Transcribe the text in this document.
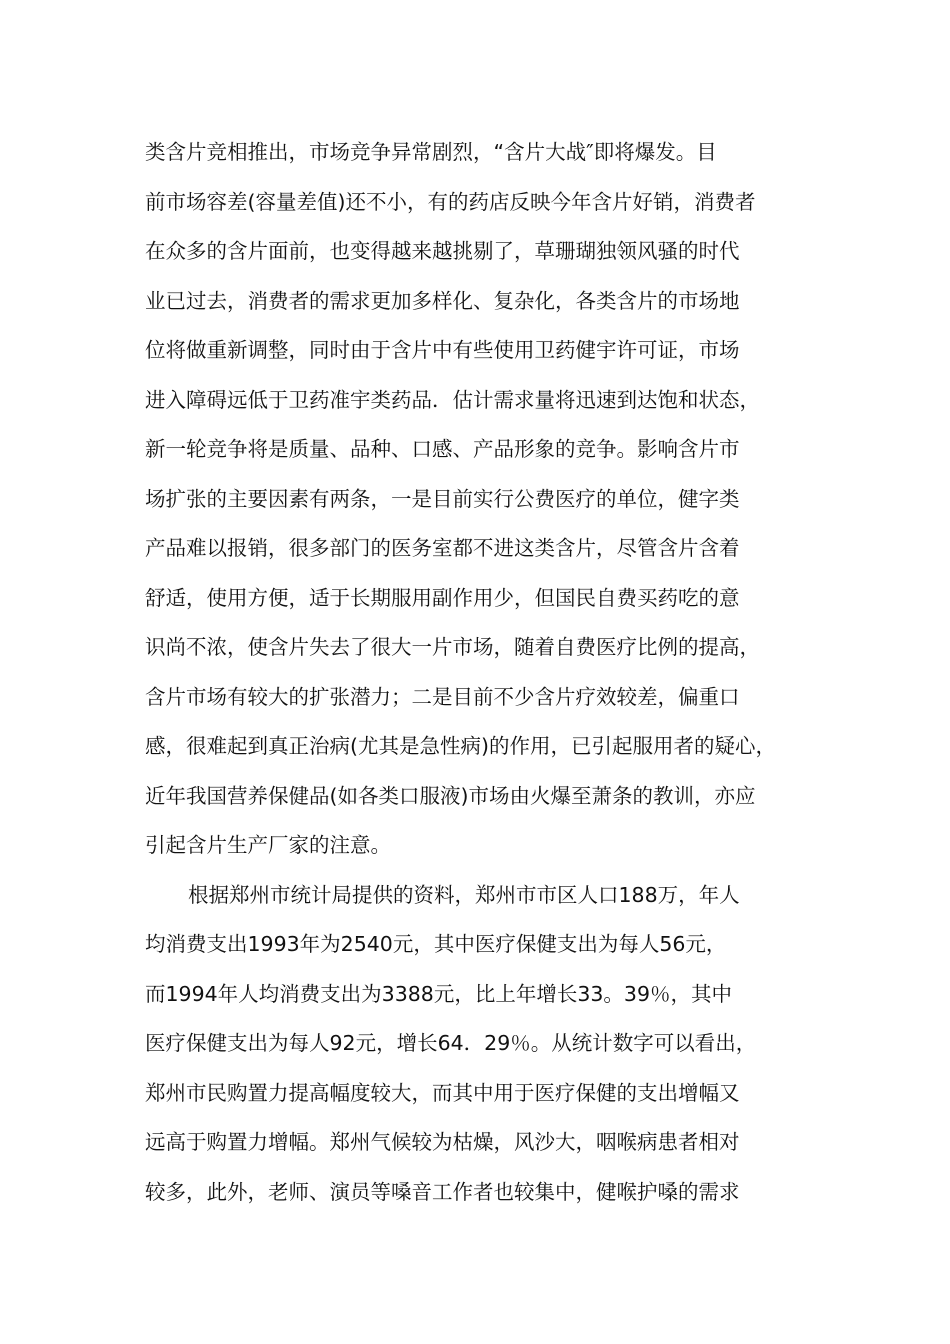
类含片竞相推出，市场竞争异常剧烈，“含片大战″即将爆发。目
前市场容差(容量差值)还不小，有的药店反映今年含片好销，消费者
在众多的含片面前，也变得越来越挑剔了，草珊瑚独领风骚的时代
业已过去，消费者的需求更加多样化、复杂化，各类含片的市场地
位将做重新调整，同时由于含片中有些使用卫药健宇许可证，市场
进入障碍远低于卫药准宇类药品．估计需求量将迅速到达饱和状态，
新一轮竞争将是质量、品种、口感、产品形象的竞争。影响含片市
场扩张的主要因素有两条，一是目前实行公费医疗的单位，健字类
产品难以报销，很多部门的医务室都不进这类含片，尽管含片含着
舒适，使用方便，适于长期服用副作用少，但国民自费买药吃的意
识尚不浓，使含片失去了很大一片市场，随着自费医疗比例的提高，
含片市场有较大的扩张潜力；二是目前不少含片疗效较差，偏重口
感，很难起到真正治病(尤其是急性病)的作用，已引起服用者的疑心，
近年我国营养保健品(如各类口服液)市场由火爆至萧条的教训，亦应
引起含片生产厂家的注意。
根据郑州市统计局提供的资料，郑州市市区人口188万，年人
均消费支出1993年为2540元，其中医疗保健支出为每人56元，
而1994年人均消费支出为3388元，比上年增长33。39％，其中
医疗保健支出为每人92元，增长64．29％。从统计数字可以看出，
郑州市民购置力提高幅度较大，而其中用于医疗保健的支出增幅又
远高于购置力增幅。郑州气候较为枯燥，风沙大，咽喉病患者相对
较多，此外，老师、演员等嗓音工作者也较集中，健喉护嗓的需求
